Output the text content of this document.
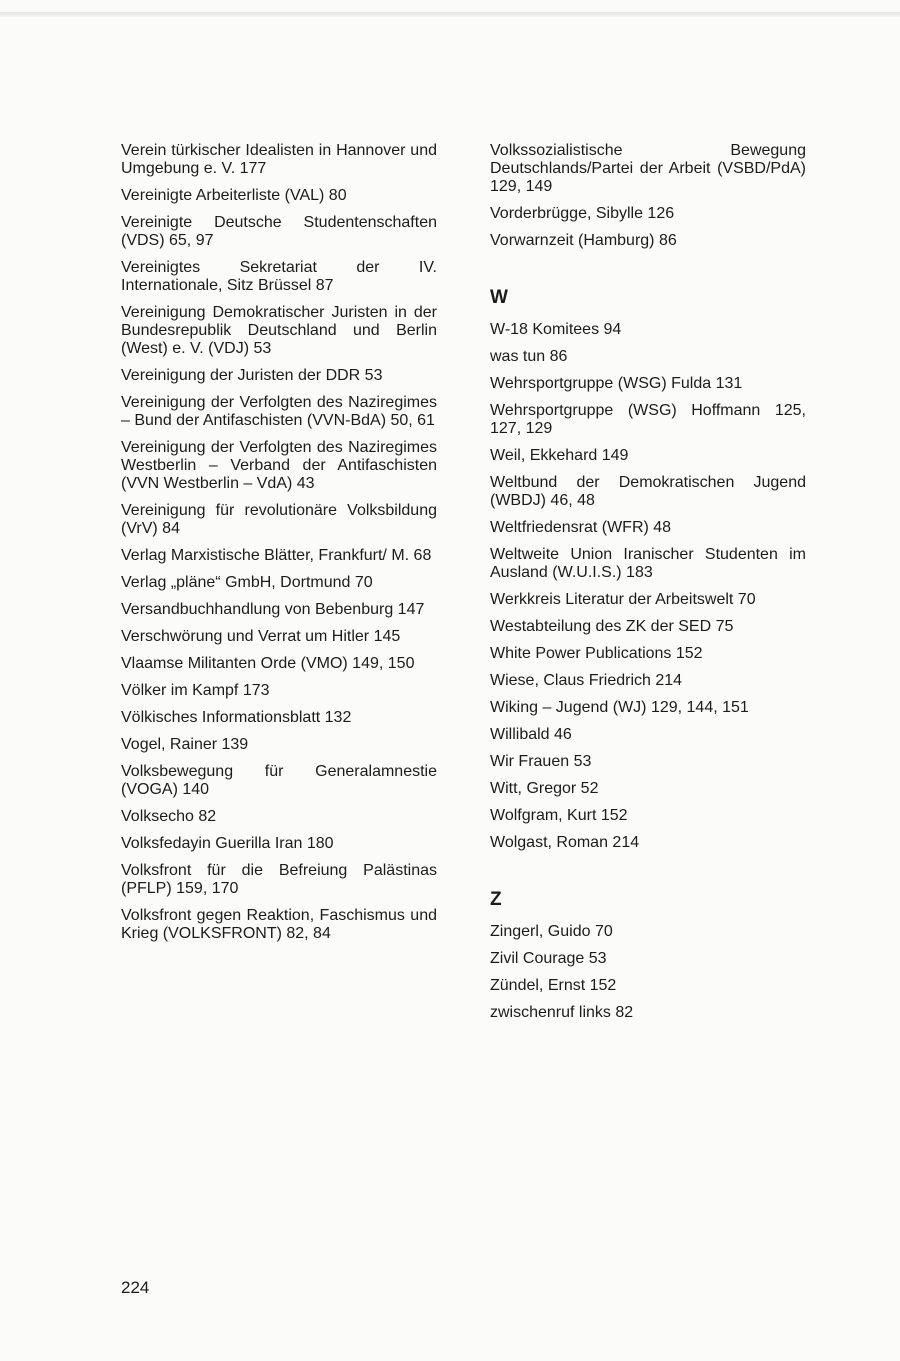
Verein türkischer Idealisten in Hannover und Umgebung e. V. 177
Vereinigte Arbeiterliste (VAL) 80
Vereinigte Deutsche Studentenschaften (VDS) 65, 97
Vereinigtes Sekretariat der IV. Internationale, Sitz Brüssel 87
Vereinigung Demokratischer Juristen in der Bundesrepublik Deutschland und Berlin (West) e. V. (VDJ) 53
Vereinigung der Juristen der DDR 53
Vereinigung der Verfolgten des Naziregimes – Bund der Antifaschisten (VVN-BdA) 50, 61
Vereinigung der Verfolgten des Naziregimes Westberlin – Verband der Antifaschisten (VVN Westberlin – VdA) 43
Vereinigung für revolutionäre Volksbildung (VrV) 84
Verlag Marxistische Blätter, Frankfurt/ M. 68
Verlag „pläne“ GmbH, Dortmund 70
Versandbuchhandlung von Bebenburg 147
Verschwörung und Verrat um Hitler 145
Vlaamse Militanten Orde (VMO) 149, 150
Völker im Kampf 173
Völkisches Informationsblatt 132
Vogel, Rainer 139
Volksbewegung für Generalamnestie (VOGA) 140
Volksecho 82
Volksfedayin Guerilla Iran 180
Volksfront für die Befreiung Palästinas (PFLP) 159, 170
Volksfront gegen Reaktion, Faschismus und Krieg (VOLKSFRONT) 82, 84
Volkssozialistische Bewegung Deutschlands/Partei der Arbeit (VSBD/PdA) 129, 149
Vorderbrügge, Sibylle 126
Vorwarnzeit (Hamburg) 86
W
W-18 Komitees 94
was tun 86
Wehrsportgruppe (WSG) Fulda 131
Wehrsportgruppe (WSG) Hoffmann 125, 127, 129
Weil, Ekkehard 149
Weltbund der Demokratischen Jugend (WBDJ) 46, 48
Weltfriedensrat (WFR) 48
Weltweite Union Iranischer Studenten im Ausland (W.U.I.S.) 183
Werkkreis Literatur der Arbeitswelt 70
Westabteilung des ZK der SED 75
White Power Publications 152
Wiese, Claus Friedrich 214
Wiking – Jugend (WJ) 129, 144, 151
Willibald 46
Wir Frauen 53
Witt, Gregor 52
Wolfgram, Kurt 152
Wolgast, Roman 214
Z
Zingerl, Guido 70
Zivil Courage 53
Zündel, Ernst 152
zwischenruf links 82
224
